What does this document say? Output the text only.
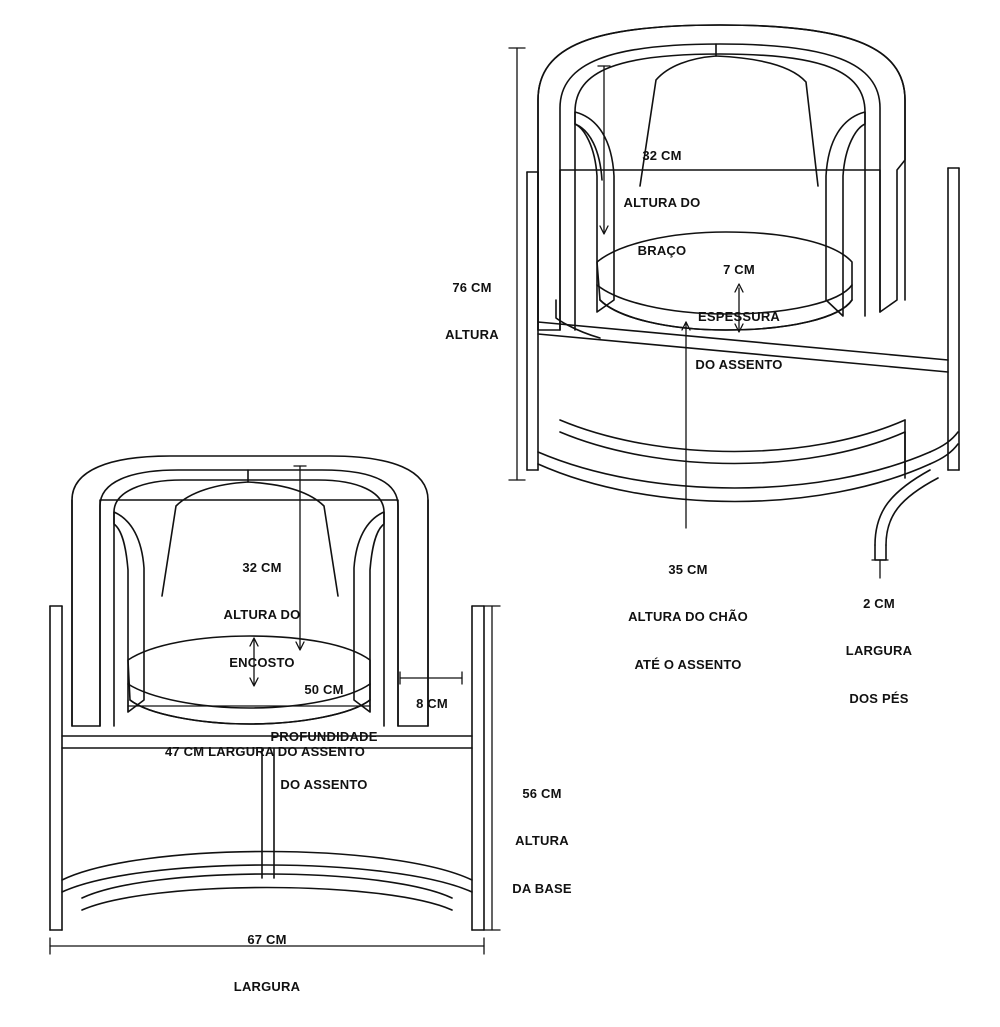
76 CM

ALTURA

32 CM

ALTURA DO

BRAÇO

7 CM

ESPESSURA

DO ASSENTO

35 CM

ALTURA DO CHÃO

ATÉ O ASSENTO

2 CM

LARGURA

DOS PÉS

32 CM

ALTURA DO

ENCOSTO

50 CM

PROFUNDIDADE

DO ASSENTO

8 CM

47 CM LARGURA DO ASSENTO

56 CM

ALTURA

DA BASE

67 CM

LARGURA
